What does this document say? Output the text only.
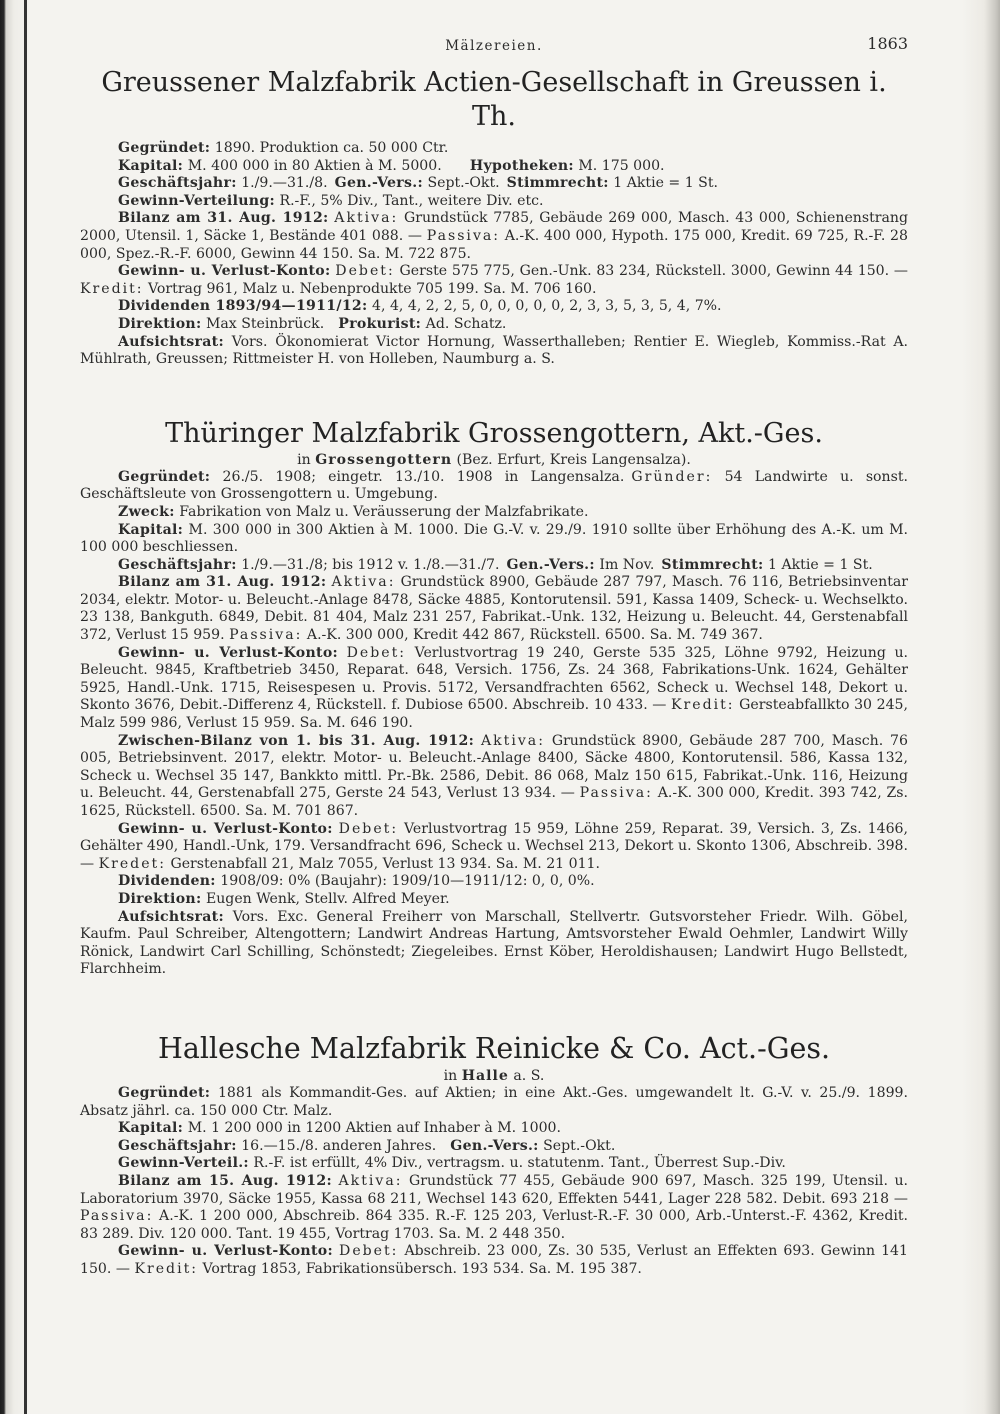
Mälzereien.	1863
Greussener Malzfabrik Actien-Gesellschaft in Greussen i. Th.

Gegründet: 1890. Produktion ca. 50 000 Ctr.

Kapital: M. 400 000 in 80 Aktien à M. 5000.   Hypotheken: M. 175 000.

Geschäftsjahr: 1./9.—31./8.  Gen.-Vers.: Sept.-Okt.  Stimmrecht: 1 Aktie = 1 St.

Gewinn-Verteilung: R.-F., 5% Div., Tant., weitere Div. etc.

Bilanz am 31. Aug. 1912: Aktiva: Grundstück 7785, Gebäude 269 000, Masch. 43 000, Schienenstrang 2000, Utensil. 1, Säcke 1, Bestände 401 088. — Passiva: A.-K. 400 000, Hypoth. 175 000, Kredit. 69 725, R.-F. 28 000, Spez.-R.-F. 6000, Gewinn 44 150. Sa. M. 722 875.

Gewinn- u. Verlust-Konto: Debet: Gerste 575 775, Gen.-Unk. 83 234, Rückstell. 3000, Gewinn 44 150. — Kredit: Vortrag 961, Malz u. Nebenprodukte 705 199. Sa. M. 706 160.

Dividenden 1893/94—1911/12: 4, 4, 4, 2, 2, 5, 0, 0, 0, 0, 0, 2, 3, 3, 5, 3, 5, 4, 7%.

Direktion: Max Steinbrück.  Prokurist: Ad. Schatz.

Aufsichtsrat: Vors. Ökonomierat Victor Hornung, Wasserthalleben; Rentier E. Wiegleb, Kommiss.-Rat A. Mühlrath, Greussen; Rittmeister H. von Holleben, Naumburg a. S.

Thüringer Malzfabrik Grossengottern, Akt.-Ges.

in Grossengottern (Bez. Erfurt, Kreis Langensalza).

Gegründet: 26./5. 1908; eingetr. 13./10. 1908 in Langensalza.  Gründer: 54 Landwirte u. sonst. Geschäftsleute von Grossengottern u. Umgebung.

Zweck: Fabrikation von Malz u. Veräusserung der Malzfabrikate.

Kapital: M. 300 000 in 300 Aktien à M. 1000. Die G.-V. v. 29./9. 1910 sollte über Erhöhung des A.-K. um M. 100 000 beschliessen.

Geschäftsjahr: 1./9.—31./8; bis 1912 v. 1./8.—31./7.  Gen.-Vers.: Im Nov.  Stimmrecht: 1 Aktie = 1 St.

Bilanz am 31. Aug. 1912: Aktiva: Grundstück 8900, Gebäude 287 797, Masch. 76 116, Betriebsinventar 2034, elektr. Motor- u. Beleucht.-Anlage 8478, Säcke 4885, Kontorutensil. 591, Kassa 1409, Scheck- u. Wechselkto. 23 138, Bankguth. 6849, Debit. 81 404, Malz 231 257, Fabrikat.-Unk. 132, Heizung u. Beleucht. 44, Gerstenabfall 372, Verlust 15 959. Passiva: A.-K. 300 000, Kredit 442 867, Rückstell. 6500. Sa. M. 749 367.

Gewinn- u. Verlust-Konto: Debet: Verlustvortrag 19 240, Gerste 535 325, Löhne 9792, Heizung u. Beleucht. 9845, Kraftbetrieb 3450, Reparat. 648, Versich. 1756, Zs. 24 368, Fabrikations-Unk. 1624, Gehälter 5925, Handl.-Unk. 1715, Reisespesen u. Provis. 5172, Versandfrachten 6562, Scheck u. Wechsel 148, Dekort u. Skonto 3676, Debit.-Differenz 4, Rückstell. f. Dubiose 6500. Abschreib. 10 433. — Kredit: Gersteabfallkto 30 245, Malz 599 986, Verlust 15 959. Sa. M. 646 190.

Zwischen-Bilanz von 1. bis 31. Aug. 1912: Aktiva: Grundstück 8900, Gebäude 287 700, Masch. 76 005, Betriebsinvent. 2017, elektr. Motor- u. Beleucht.-Anlage 8400, Säcke 4800, Kontorutensil. 586, Kassa 132, Scheck u. Wechsel 35 147, Bankkto mittl. Pr.-Bk. 2586, Debit. 86 068, Malz 150 615, Fabrikat.-Unk. 116, Heizung u. Beleucht. 44, Gerstenabfall 275, Gerste 24 543, Verlust 13 934. — Passiva: A.-K. 300 000, Kredit. 393 742, Zs. 1625, Rückstell. 6500. Sa. M. 701 867.

Gewinn- u. Verlust-Konto: Debet: Verlustvortrag 15 959, Löhne 259, Reparat. 39, Versich. 3, Zs. 1466, Gehälter 490, Handl.-Unk, 179. Versandfracht 696, Scheck u. Wechsel 213, Dekort u. Skonto 1306, Abschreib. 398. — Kredet: Gerstenabfall 21, Malz 7055, Verlust 13 934. Sa. M. 21 011.

Dividenden: 1908/09: 0% (Baujahr): 1909/10—1911/12: 0, 0, 0%.

Direktion: Eugen Wenk, Stellv. Alfred Meyer.

Aufsichtsrat: Vors. Exc. General Freiherr von Marschall, Stellvertr. Gutsvorsteher Friedr. Wilh. Göbel, Kaufm. Paul Schreiber, Altengottern; Landwirt Andreas Hartung, Amtsvorsteher Ewald Oehmler, Landwirt Willy Rönick, Landwirt Carl Schilling, Schönstedt; Ziegeleibes. Ernst Köber, Heroldishausen; Landwirt Hugo Bellstedt, Flarchheim.

Hallesche Malzfabrik Reinicke & Co. Act.-Ges.

in Halle a. S.

Gegründet: 1881 als Kommandit-Ges. auf Aktien; in eine Akt.-Ges. umgewandelt lt. G.-V. v. 25./9. 1899. Absatz jährl. ca. 150 000 Ctr. Malz.

Kapital: M. 1 200 000 in 1200 Aktien auf Inhaber à M. 1000.

Geschäftsjahr: 16.—15./8. anderen Jahres.  Gen.-Vers.: Sept.-Okt.

Gewinn-Verteil.: R.-F. ist erfüllt, 4% Div., vertragsm. u. statutenm. Tant., Überrest Sup.-Div.

Bilanz am 15. Aug. 1912: Aktiva: Grundstück 77 455, Gebäude 900 697, Masch. 325 199, Utensil. u. Laboratorium 3970, Säcke 1955, Kassa 68 211, Wechsel 143 620, Effekten 5441, Lager 228 582. Debit. 693 218 — Passiva: A.-K. 1 200 000, Abschreib. 864 335. R.-F. 125 203, Verlust-R.-F. 30 000, Arb.-Unterst.-F. 4362, Kredit. 83 289. Div. 120 000. Tant. 19 455, Vortrag 1703. Sa. M. 2 448 350.

Gewinn- u. Verlust-Konto: Debet: Abschreib. 23 000, Zs. 30 535, Verlust an Effekten 693. Gewinn 141 150. — Kredit: Vortrag 1853, Fabrikationsübersch. 193 534. Sa. M. 195 387.
